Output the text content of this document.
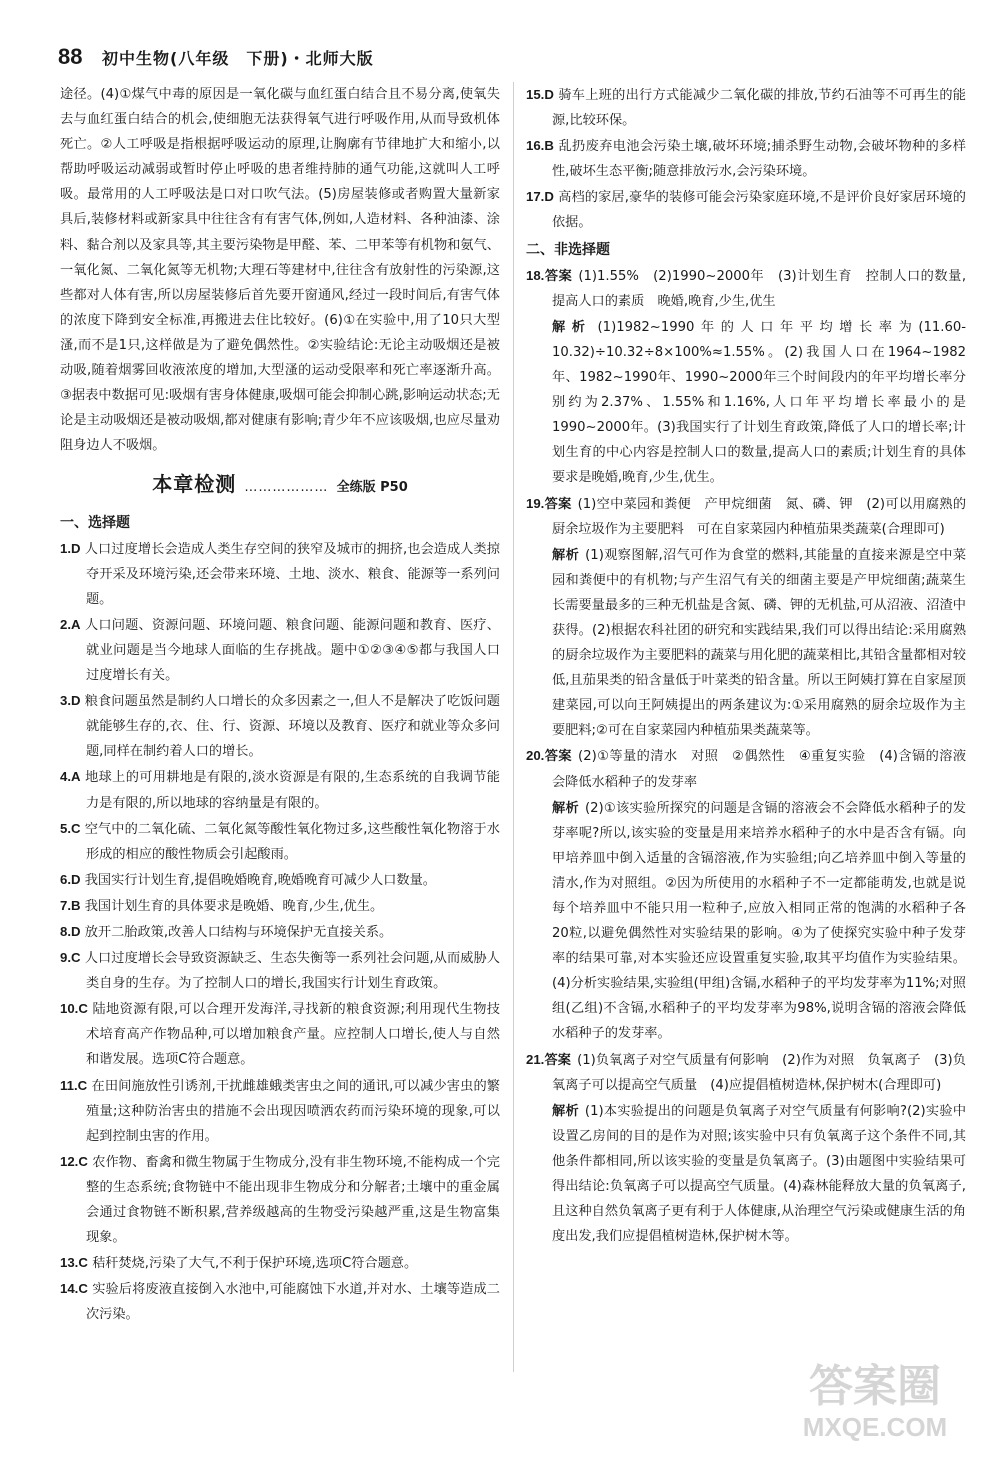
88 初中生物(八年级　下册)・北师大版

途径。(4)①煤气中毒的原因是一氧化碳与血红蛋白结合且不易分离,使氧失去与血红蛋白结合的机会,使细胞无法获得氧气进行呼吸作用,从而导致机体死亡。②人工呼吸是指根据呼吸运动的原理,让胸廓有节律地扩大和缩小,以帮助呼吸运动减弱或暂时停止呼吸的患者维持肺的通气功能,这就叫人工呼吸。最常用的人工呼吸法是口对口吹气法。(5)房屋装修或者购置大量新家具后,装修材料或新家具中往往含有有害气体,例如,人造材料、各种油漆、涂料、黏合剂以及家具等,其主要污染物是甲醛、苯、二甲苯等有机物和氨气、一氧化氮、二氧化氮等无机物;大理石等建材中,往往含有放射性的污染源,这些都对人体有害,所以房屋装修后首先要开窗通风,经过一段时间后,有害气体的浓度下降到安全标准,再搬进去住比较好。(6)①在实验中,用了10只大型溞,而不是1只,这样做是为了避免偶然性。②实验结论:无论主动吸烟还是被动吸,随着烟雾回收液浓度的增加,大型溞的运动受限率和死亡率逐渐升高。③据表中数据可见:吸烟有害身体健康,吸烟可能会抑制心跳,影响运动状态;无论是主动吸烟还是被动吸烟,都对健康有影响;青少年不应该吸烟,也应尽量劝阻身边人不吸烟。

本章检测 ……………… 全练版 P50
一、选择题

1.D 人口过度增长会造成人类生存空间的狭窄及城市的拥挤,也会造成人类掠夺开采及环境污染,还会带来环境、土地、淡水、粮食、能源等一系列问题。

2.A 人口问题、资源问题、环境问题、粮食问题、能源问题和教育、医疗、就业问题是当今地球人面临的生存挑战。题中①②③④⑤都与我国人口过度增长有关。

3.D 粮食问题虽然是制约人口增长的众多因素之一,但人不是解决了吃饭问题就能够生存的,衣、住、行、资源、环境以及教育、医疗和就业等众多问题,同样在制约着人口的增长。

4.A 地球上的可用耕地是有限的,淡水资源是有限的,生态系统的自我调节能力是有限的,所以地球的容纳量是有限的。

5.C 空气中的二氧化硫、二氧化氮等酸性氧化物过多,这些酸性氧化物溶于水形成的相应的酸性物质会引起酸雨。

6.D 我国实行计划生育,提倡晚婚晚育,晚婚晚育可减少人口数量。

7.B 我国计划生育的具体要求是晚婚、晚育,少生,优生。

8.D 放开二胎政策,改善人口结构与环境保护无直接关系。

9.C 人口过度增长会导致资源缺乏、生态失衡等一系列社会问题,从而威胁人类自身的生存。为了控制人口的增长,我国实行计划生育政策。

10.C 陆地资源有限,可以合理开发海洋,寻找新的粮食资源;利用现代生物技术培育高产作物品种,可以增加粮食产量。应控制人口增长,使人与自然和谐发展。选项C符合题意。

11.C 在田间施放性引诱剂,干扰雌雄蛾类害虫之间的通讯,可以减少害虫的繁殖量;这种防治害虫的措施不会出现因喷洒农药而污染环境的现象,可以起到控制虫害的作用。

12.C 农作物、畜禽和微生物属于生物成分,没有非生物环境,不能构成一个完整的生态系统;食物链中不能出现非生物成分和分解者;土壤中的重金属会通过食物链不断积累,营养级越高的生物受污染越严重,这是生物富集现象。

13.C 秸秆焚烧,污染了大气,不利于保护环境,选项C符合题意。

14.C 实验后将废液直接倒入水池中,可能腐蚀下水道,并对水、土壤等造成二次污染。

15.D 骑车上班的出行方式能减少二氧化碳的排放,节约石油等不可再生的能源,比较环保。

16.B 乱扔废弃电池会污染土壤,破坏环境;捕杀野生动物,会破坏物种的多样性,破坏生态平衡;随意排放污水,会污染环境。

17.D 高档的家居,豪华的装修可能会污染家庭环境,不是评价良好家居环境的依据。

二、非选择题

18.答案 (1)1.55%　(2)1990~2000年　(3)计划生育　控制人口的数量,提高人口的素质　晚婚,晚育,少生,优生

解析 (1)1982~1990年的人口年平均增长率为(11.60-10.32)÷10.32÷8×100%≈1.55%。(2)我国人口在1964~1982年、1982~1990年、1990~2000年三个时间段内的年平均增长率分别约为2.37%、1.55%和1.16%,人口年平均增长率最小的是1990~2000年。(3)我国实行了计划生育政策,降低了人口的增长率;计划生育的中心内容是控制人口的数量,提高人口的素质;计划生育的具体要求是晚婚,晚育,少生,优生。

19.答案 (1)空中菜园和粪便　产甲烷细菌　氮、磷、钾　(2)可以用腐熟的厨余垃圾作为主要肥料　可在自家菜园内种植茄果类蔬菜(合理即可)

解析 (1)观察图解,沼气可作为食堂的燃料,其能量的直接来源是空中菜园和粪便中的有机物;与产生沼气有关的细菌主要是产甲烷细菌;蔬菜生长需要量最多的三种无机盐是含氮、磷、钾的无机盐,可从沼液、沼渣中获得。(2)根据农科社团的研究和实践结果,我们可以得出结论:采用腐熟的厨余垃圾作为主要肥料的蔬菜与用化肥的蔬菜相比,其铅含量都相对较低,且茄果类的铅含量低于叶菜类的铅含量。所以王阿姨打算在自家屋顶建菜园,可以向王阿姨提出的两条建议为:①采用腐熟的厨余垃圾作为主要肥料;②可在自家菜园内种植茄果类蔬菜等。

20.答案 (2)①等量的清水　对照　②偶然性　④重复实验　(4)含镉的溶液会降低水稻种子的发芽率

解析 (2)①该实验所探究的问题是含镉的溶液会不会降低水稻种子的发芽率呢?所以,该实验的变量是用来培养水稻种子的水中是否含有镉。向甲培养皿中倒入适量的含镉溶液,作为实验组;向乙培养皿中倒入等量的清水,作为对照组。②因为所使用的水稻种子不一定都能萌发,也就是说每个培养皿中不能只用一粒种子,应放入相同正常的饱满的水稻种子各20粒,以避免偶然性对实验结果的影响。④为了使探究实验中种子发芽率的结果可靠,对本实验还应设置重复实验,取其平均值作为实验结果。(4)分析实验结果,实验组(甲组)含镉,水稻种子的平均发芽率为11%;对照组(乙组)不含镉,水稻种子的平均发芽率为98%,说明含镉的溶液会降低水稻种子的发芽率。

21.答案 (1)负氧离子对空气质量有何影响　(2)作为对照　负氧离子　(3)负氧离子可以提高空气质量　(4)应提倡植树造林,保护树木(合理即可)

解析 (1)本实验提出的问题是负氧离子对空气质量有何影响?(2)实验中设置乙房间的目的是作为对照;该实验中只有负氧离子这个条件不同,其他条件都相同,所以该实验的变量是负氧离子。(3)由题图中实验结果可得出结论:负氧离子可以提高空气质量。(4)森林能释放大量的负氧离子,且这种自然负氧离子更有利于人体健康,从治理空气污染或健康生活的角度出发,我们应提倡植树造林,保护树木等。

答案圈
MXQE.COM
